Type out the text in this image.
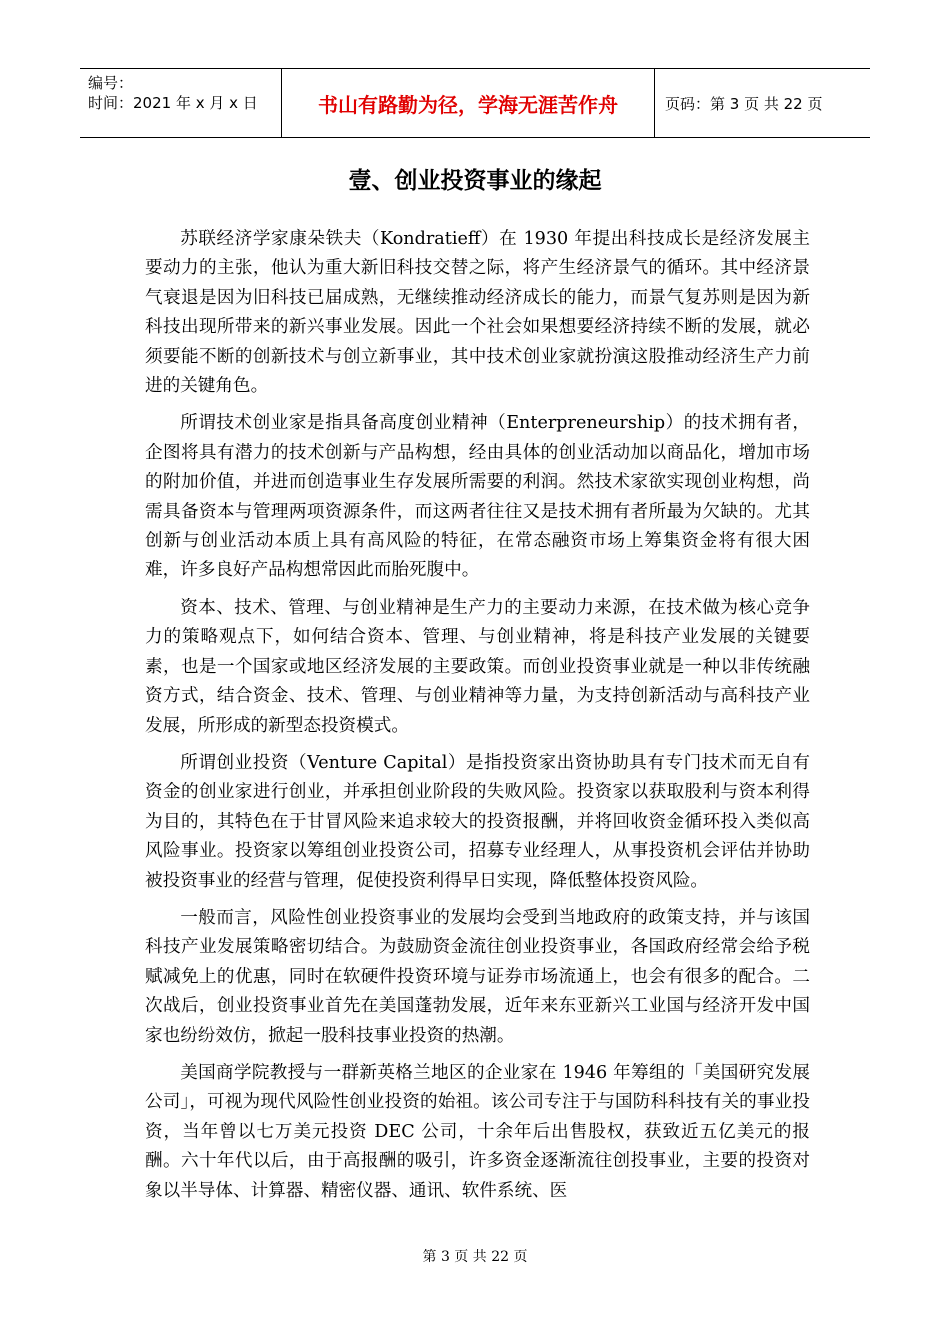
编号：
时间：2021 年 x 月 x 日	书山有路勤为径，学海无涯苦作舟	页码：第 3 页 共 22 页
壹、创业投资事业的缘起

苏联经济学家康朵铁夫（Kondratieff）在 1930 年提出科技成长是经济发展主要动力的主张，他认为重大新旧科技交替之际，将产生经济景气的循环。其中经济景气衰退是因为旧科技已届成熟，无继续推动经济成长的能力，而景气复苏则是因为新科技出现所带来的新兴事业发展。因此一个社会如果想要经济持续不断的发展，就必须要能不断的创新技术与创立新事业，其中技术创业家就扮演这股推动经济生产力前进的关键角色。

所谓技术创业家是指具备高度创业精神（Enterpreneurship）的技术拥有者，企图将具有潜力的技术创新与产品构想，经由具体的创业活动加以商品化，增加市场的附加价值，并进而创造事业生存发展所需要的利润。然技术家欲实现创业构想，尚需具备资本与管理两项资源条件，而这两者往往又是技术拥有者所最为欠缺的。尤其创新与创业活动本质上具有高风险的特征，在常态融资市场上筹集资金将有很大困难，许多良好产品构想常因此而胎死腹中。

资本、技术、管理、与创业精神是生产力的主要动力来源，在技术做为核心竞争力的策略观点下，如何结合资本、管理、与创业精神，将是科技产业发展的关键要素，也是一个国家或地区经济发展的主要政策。而创业投资事业就是一种以非传统融资方式，结合资金、技术、管理、与创业精神等力量，为支持创新活动与高科技产业发展，所形成的新型态投资模式。

所谓创业投资（Venture Capital）是指投资家出资协助具有专门技术而无自有资金的创业家进行创业，并承担创业阶段的失败风险。投资家以获取股利与资本利得为目的，其特色在于甘冒风险来追求较大的投资报酬，并将回收资金循环投入类似高风险事业。投资家以筹组创业投资公司，招募专业经理人，从事投资机会评估并协助被投资事业的经营与管理，促使投资利得早日实现，降低整体投资风险。

一般而言，风险性创业投资事业的发展均会受到当地政府的政策支持，并与该国科技产业发展策略密切结合。为鼓励资金流往创业投资事业，各国政府经常会给予税赋减免上的优惠，同时在软硬件投资环境与证券市场流通上，也会有很多的配合。二次战后，创业投资事业首先在美国蓬勃发展，近年来东亚新兴工业国与经济开发中国家也纷纷效仿，掀起一股科技事业投资的热潮。

美国商学院教授与一群新英格兰地区的企业家在 1946 年筹组的「美国研究发展公司」，可视为现代风险性创业投资的始祖。该公司专注于与国防科科技有关的事业投资，当年曾以七万美元投资 DEC 公司，十余年后出售股权，获致近五亿美元的报酬。六十年代以后，由于高报酬的吸引，许多资金逐渐流往创投事业，主要的投资对象以半导体、计算器、精密仪器、通讯、软件系统、医

第 3 页 共 22 页
